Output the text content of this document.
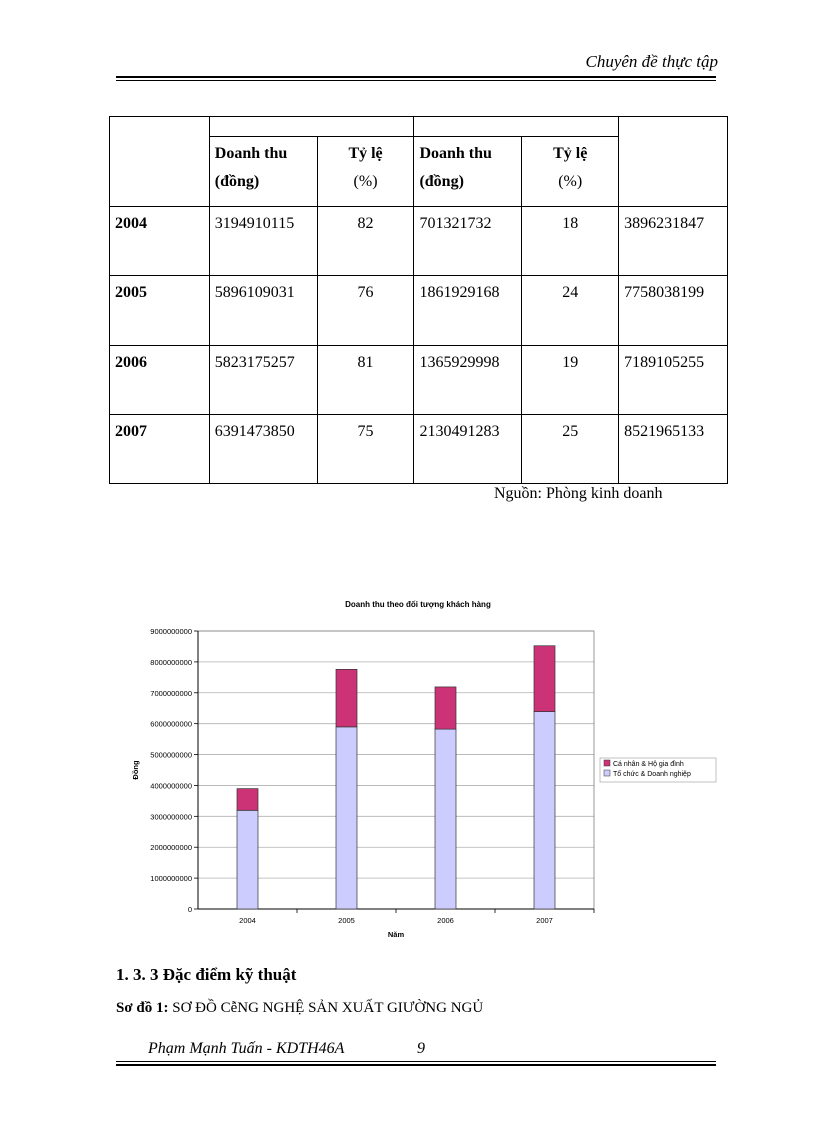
Chuyên đề thực tập

	Doanh thu	Tỷ lệ	Doanh thu	Tỷ lệ	
	(đồng)	(%)	(đồng)	(%)	
2004	3194910115	82	701321732	18	3896231847
2005	5896109031	76	1861929168	24	7758038199
2006	5823175257	81	1365929998	19	7189105255
2007	6391473850	75	2130491283	25	8521965133
Nguồn: Phòng kinh doanh
Doanh thu theo đối tượng khách hàng
0
1000000000
2000000000
3000000000
4000000000
5000000000
6000000000
7000000000
8000000000
9000000000
2004	2005	2006	2007
Năm
Đồng	Cá nhân & Hộ gia đình
Tổ chức & Doanh nghiệp
1. 3. 3 Đặc điểm kỹ thuật
Sơ đồ 1: SƠ ĐỒ CễNG NGHỆ SẢN XUẤT GIƯỜNG NGỦ
Phạm Mạnh Tuấn - KDTH46A	9
